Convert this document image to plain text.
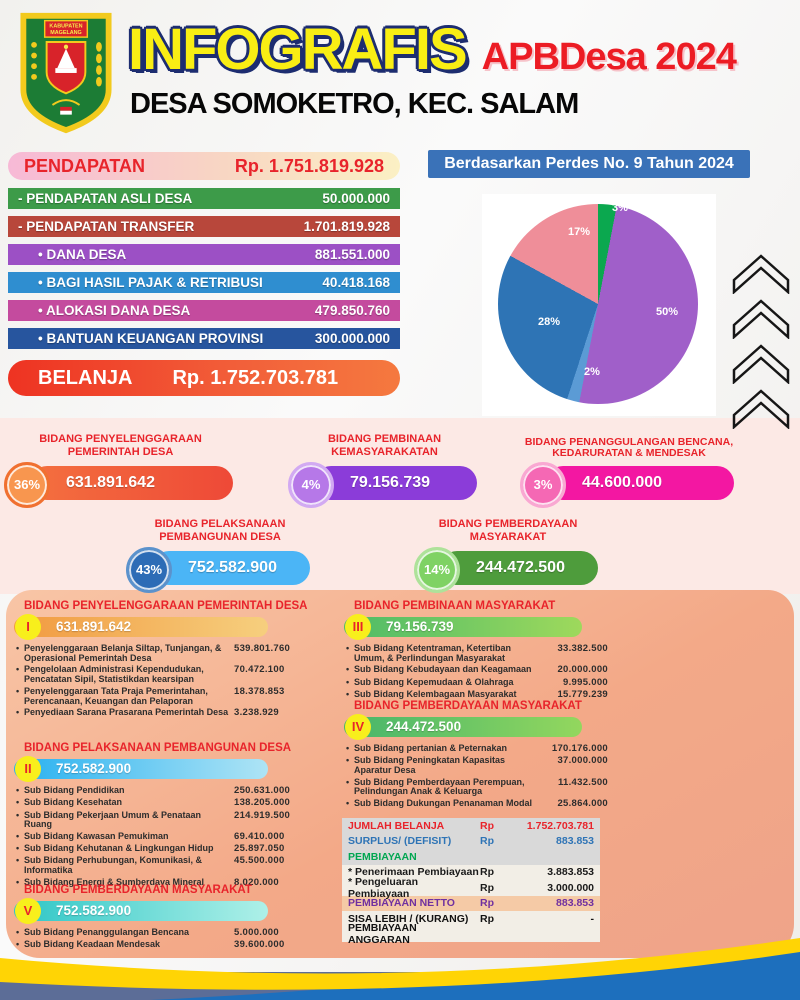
KABUPATEN
MAGELANG INFOGRAFIS APBDesa 2024
DESA SOMOKETRO, KEC. SALAM
PENDAPATAN	Rp. 1.751.819.928
- PENDAPATAN ASLI DESA	50.000.000
- PENDAPATAN TRANSFER	1.701.819.928
• DANA DESA	881.551.000
• BAGI HASIL PAJAK & RETRIBUSI	40.418.168
• ALOKASI DANA DESA	479.850.760
• BANTUAN KEUANGAN PROVINSI	300.000.000
Berdasarkan Perdes No. 9 Tahun 2024
3%
50%
2%
28%
17%
BELANJA Rp. 1.752.703.781
BIDANG PENYELENGGARAAN PEMERINTAH DESA
631.891.642
36%
BIDANG PEMBINAAN KEMASYARAKATAN
79.156.739
4%
BIDANG PENANGGULANGAN BENCANA, KEDARURATAN & MENDESAK
44.600.000
3%
BIDANG PELAKSANAAN PEMBANGUNAN DESA
752.582.900
43%
BIDANG PEMBERDAYAAN MASYARAKAT
244.472.500
14%
BIDANG PENYELENGGARAAN PEMERINTAH DESA
I	631.891.642
• Penyelenggaraan Belanja Siltap, Tunjangan, & Operasional Pemerintah Desa
539.801.760
• Pengelolaan Administrasi Kependudukan, Pencatatan Sipil, Statistikdan kearsipan
70.472.100
• Penyelenggaraan Tata Praja Pemerintahan, Perencanaan, Keuangan dan Pelaporan
18.378.853
• Penyediaan Sarana Prasarana Pemerintah Desa 3.238.929
BIDANG PELAKSANAAN PEMBANGUNAN DESA
II	752.582.900
• Sub Bidang Pendidikan	250.631.000
• Sub Bidang Kesehatan	138.205.000
• Sub Bidang Pekerjaan Umum & Penataan Ruang
214.919.500
• Sub Bidang Kawasan Pemukiman	69.410.000
• Sub Bidang Kehutanan & Lingkungan Hidup	25.897.050
• Sub Bidang Perhubungan, Komunikasi, & Informatika
45.500.000
• Sub Bidang Energi & Sumberdaya Mineral	8.020.000
BIDANG PEMBERDAYAAN MASYARAKAT
V	752.582.900
• Sub Bidang Penanggulangan Bencana	5.000.000
• Sub Bidang Keadaan Mendesak	39.600.000
BIDANG PEMBINAAN MASYARAKAT
III	79.156.739
• Sub Bidang Ketentraman, Ketertiban Umum, & Perlindungan Masyarakat
33.382.500
• Sub Bidang Kebudayaan dan Keagamaan	20.000.000
• Sub Bidang Kepemudaan & Olahraga	9.995.000
• Sub Bidang Kelembagaan Masyarakat	15.779.239
BIDANG PEMBERDAYAAN MASYARAKAT
IV	244.472.500
• Sub Bidang pertanian & Peternakan	170.176.000
• Sub Bidang Peningkatan Kapasitas Aparatur Desa
37.000.000
• Sub Bidang Pemberdayaan Perempuan, Pelindungan Anak & Keluarga
11.432.500
• Sub Bidang Dukungan Penanaman Modal	25.864.000
JUMLAH BELANJA	Rp	1.752.703.781
SURPLUS/ (DEFISIT)	Rp	883.853
PEMBIAYAAN
* Penerimaan Pembiayaan Rp	3.883.853
* Pengeluaran Pembiayaan	Rp	3.000.000
PEMBIAYAAN NETTO	Rp	883.853
SISA LEBIH / (KURANG)	Rp	-
PEMBIAYAAN ANGGARAN
